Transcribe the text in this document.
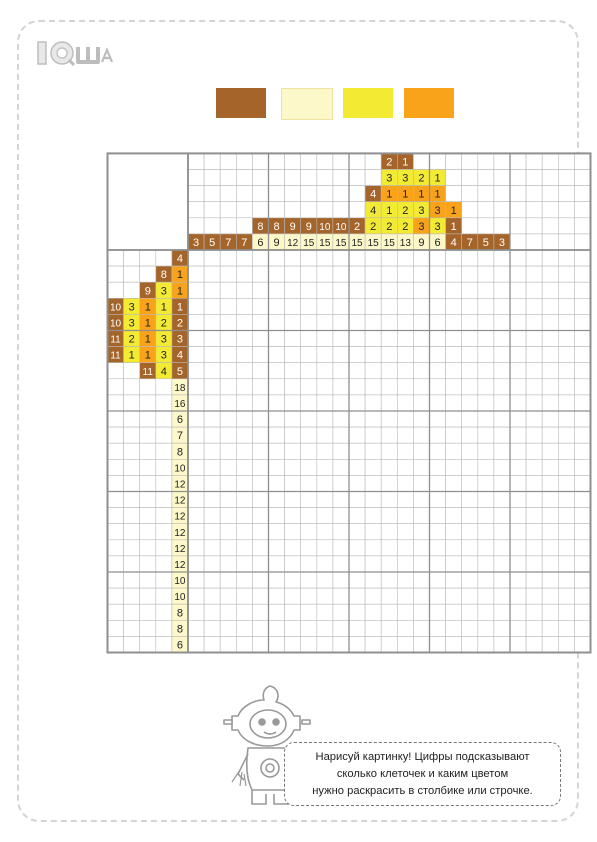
2 1
3 3 2 1
4 1 1 1 1
4 1 2 3 3 1
8 8 9 9 10 10 2 2 2 2 3 3 1
3 5 7 7 6 9 12 15 15 15 15 15 15 13 9 6 4 7 5 3
4
8 1
9 3 1
10 3 1 1 1
10 3 1 2 2
11 2 1 3 3
11 1 1 3 4
11 4 5
18
16
6
7
8
10
12
12
12
12
12
12
10
10
8
8
6
Нарисуй картинку! Цифры подсказывают
сколько клеточек и каким цветом
нужно раскрасить в столбике или строчке.
